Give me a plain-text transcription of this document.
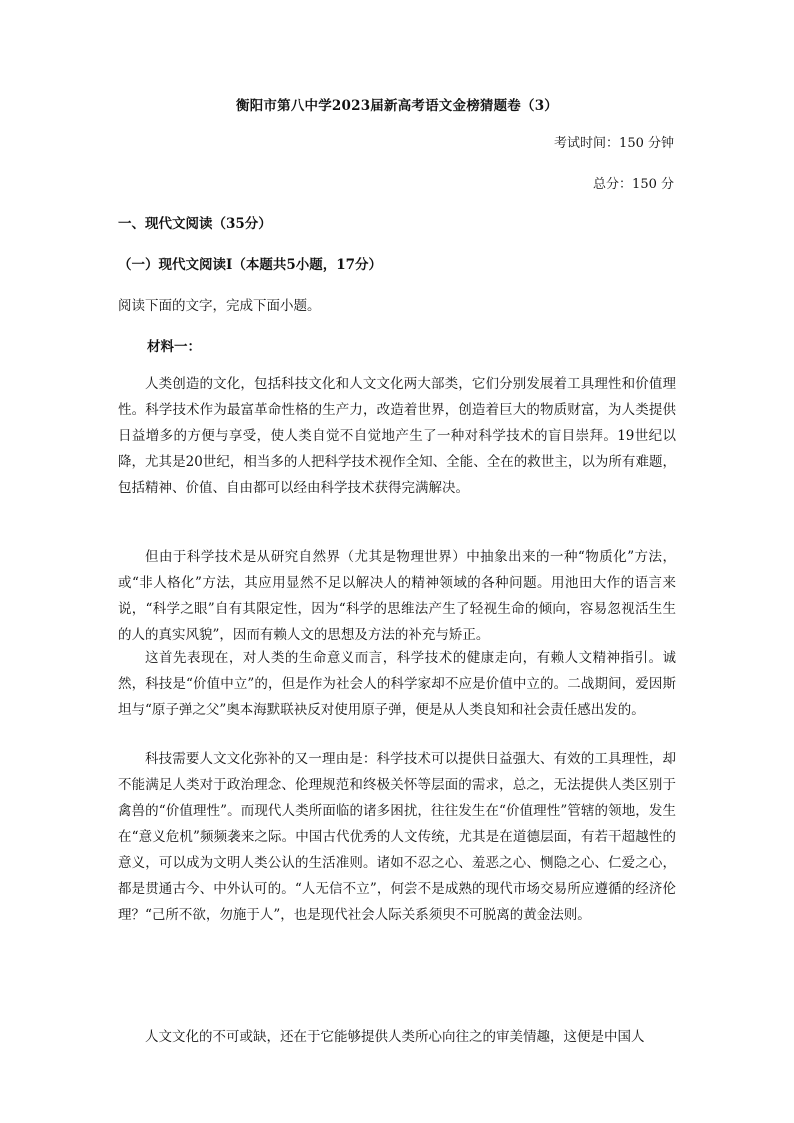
衡阳市第八中学2023届新高考语文金榜猜题卷（3）
考试时间：150 分钟
总分：150 分
一、现代文阅读（35分）
（一）现代文阅读Ⅰ（本题共5小题，17分）
阅读下面的文字，完成下面小题。
材料一：

人类创造的文化，包括科技文化和人文文化两大部类，它们分别发展着工具理性和价值理性。科学技术作为最富革命性格的生产力，改造着世界，创造着巨大的物质财富，为人类提供日益增多的方便与享受，使人类自觉不自觉地产生了一种对科学技术的盲目崇拜。19世纪以降，尤其是20世纪，相当多的人把科学技术视作全知、全能、全在的救世主，以为所有难题，包括精神、价值、自由都可以经由科学技术获得完满解决。

但由于科学技术是从研究自然界（尤其是物理世界）中抽象出来的一种“物质化”方法，或“非人格化”方法，其应用显然不足以解决人的精神领域的各种问题。用池田大作的语言来说，“科学之眼”自有其限定性，因为“科学的思维法产生了轻视生命的倾向，容易忽视活生生的人的真实风貌”，因而有赖人文的思想及方法的补充与矫正。

这首先表现在，对人类的生命意义而言，科学技术的健康走向，有赖人文精神指引。诚然，科技是“价值中立”的，但是作为社会人的科学家却不应是价值中立的。二战期间，爱因斯坦与“原子弹之父”奥本海默联袂反对使用原子弹，便是从人类良知和社会责任感出发的。

科技需要人文文化弥补的又一理由是：科学技术可以提供日益强大、有效的工具理性，却不能满足人类对于政治理念、伦理规范和终极关怀等层面的需求，总之，无法提供人类区别于禽兽的“价值理性”。而现代人类所面临的诸多困扰，往往发生在“价值理性”管辖的领地，发生在“意义危机”频频袭来之际。中国古代优秀的人文传统，尤其是在道德层面，有若干超越性的意义，可以成为文明人类公认的生活准则。诸如不忍之心、羞恶之心、恻隐之心、仁爱之心，都是贯通古今、中外认可的。“人无信不立”，何尝不是成熟的现代市场交易所应遵循的经济伦理？“己所不欲，勿施于人”，也是现代社会人际关系须臾不可脱离的黄金法则。

人文文化的不可或缺，还在于它能够提供人类所心向往之的审美情趣，这便是中国人
